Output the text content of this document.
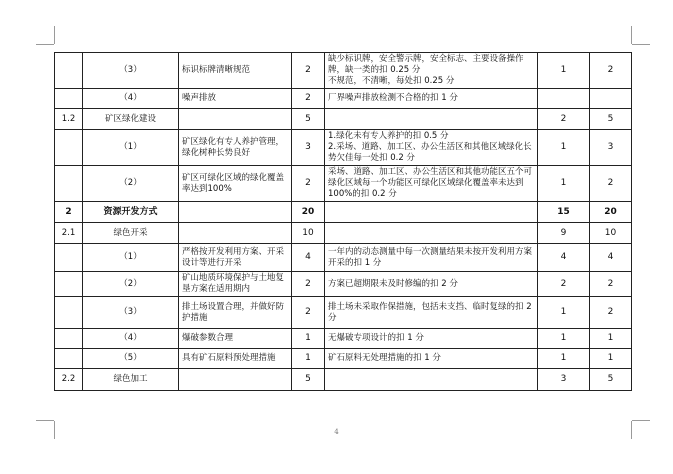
	（3）	标识标牌清晰规范	2	缺少标识牌，安全警示牌，安全标志、主要设备操作牌，缺一类的扣 0.25 分
不规范，不清晰，每处扣 0.25 分	1	2
	（4）	噪声排放	2	厂界噪声排放检测不合格的扣 1 分		
1.2	矿区绿化建设		5		2	5
	（1）	矿区绿化有专人养护管理，绿化树种长势良好	3	1.绿化未有专人养护的扣 0.5 分
2.采场、道路、加工区、办公生活区和其他区域绿化长势欠佳每一处扣 0.2 分	1	3
	（2）	矿区可绿化区域的绿化覆盖率达到100%	2	采场、道路、加工区、办公生活区和其他功能区五个可绿化区域每一个功能区可绿化区域绿化覆盖率未达到 100%的扣 0.2 分	1	2
2	资源开发方式		20		15	20
2.1	绿色开采		10		9	10
	（1）	严格按开发利用方案、开采设计等进行开采	4	一年内的动态测量中每一次测量结果未按开发利用方案开采的扣 1 分	4	4
	（2）	矿山地质环境保护与土地复垦方案在适用期内	2	方案已超期限未及时修编的扣 2 分	2	2
	（3）	排土场设置合理，并做好防护措施	2	排土场未采取作保措施，包括未支挡、临时复绿的扣 2 分	1	2
	（4）	爆破参数合理	1	无爆破专项设计的扣 1 分	1	1
	（5）	具有矿石原料预处理措施	1	矿石原料无处理措施的扣 1 分	1	1
2.2	绿色加工		5		3	5
4
